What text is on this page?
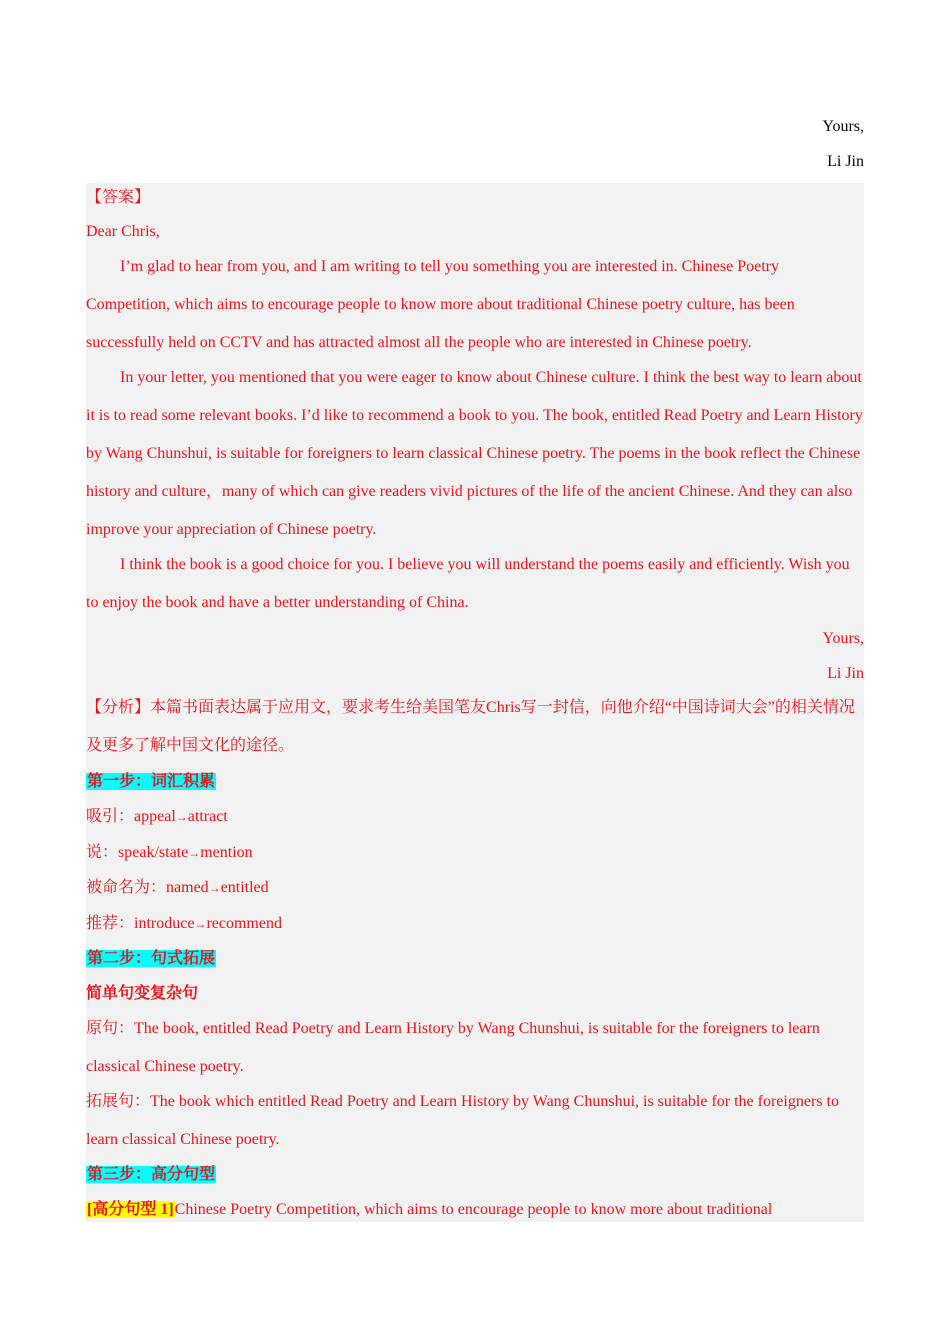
Yours,
Li Jin
【答案】
Dear Chris,
I’m glad to hear from you, and I am writing to tell you something you are interested in. Chinese Poetry Competition, which aims to encourage people to know more about traditional Chinese poetry culture, has been successfully held on CCTV and has attracted almost all the people who are interested in Chinese poetry.
In your letter, you mentioned that you were eager to know about Chinese culture. I think the best way to learn about it is to read some relevant books. I’d like to recommend a book to you. The book, entitled Read Poetry and Learn History by Wang Chunshui, is suitable for foreigners to learn classical Chinese poetry. The poems in the book reflect the Chinese history and culture，many of which can give readers vivid pictures of the life of the ancient Chinese. And they can also improve your appreciation of Chinese poetry.
I think the book is a good choice for you. I believe you will understand the poems easily and efficiently. Wish you to enjoy the book and have a better understanding of China.
Yours,
Li Jin
【分析】本篇书面表达属于应用文，要求考生给美国笔友Chris写一封信，向他介绍“中国诗词大会”的相关情况及更多了解中国文化的途径。
第一步：词汇积累
吸引：appeal→attract
说：speak/state→mention
被命名为：named→entitled
推荐：introduce→recommend
第二步：句式拓展
简单句变复杂句
原句：The book, entitled Read Poetry and Learn History by Wang Chunshui, is suitable for the foreigners to learn classical Chinese poetry.
拓展句：The book which entitled Read Poetry and Learn History by Wang Chunshui, is suitable for the foreigners to learn classical Chinese poetry.
第三步：高分句型
[高分句型 1]Chinese Poetry Competition, which aims to encourage people to know more about traditional
